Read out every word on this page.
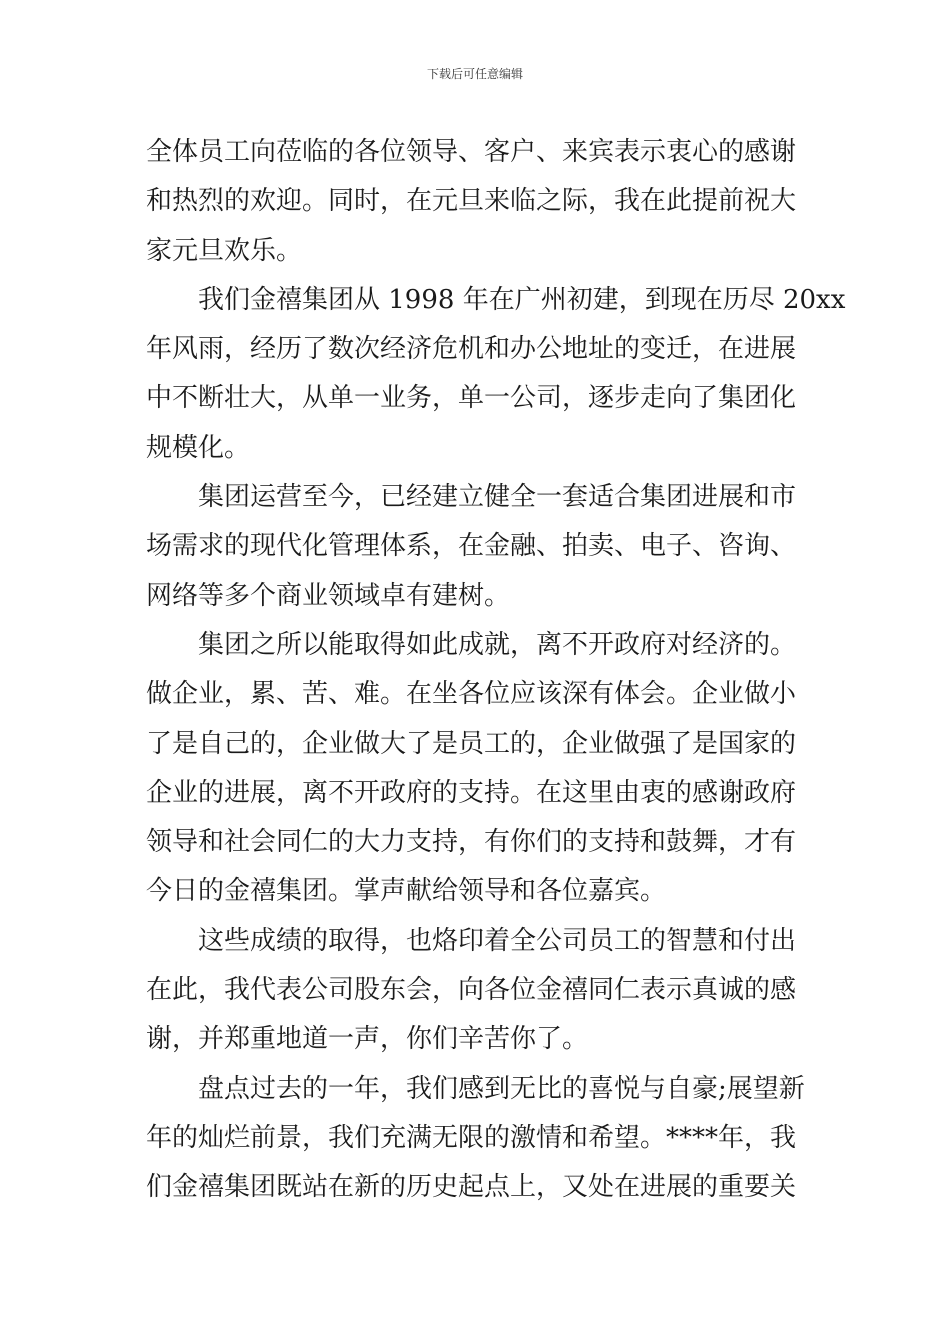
下载后可任意编辑
全体员工向莅临的各位领导、客户、来宾表示衷心的感谢
和热烈的欢迎。同时，在元旦来临之际，我在此提前祝大
家元旦欢乐。
我们金禧集团从 1998 年在广州初建，到现在历尽 20xx
年风雨，经历了数次经济危机和办公地址的变迁，在进展
中不断壮大，从单一业务，单一公司，逐步走向了集团化
规模化。
集团运营至今，已经建立健全一套适合集团进展和市
场需求的现代化管理体系，在金融、拍卖、电子、咨询、
网络等多个商业领域卓有建树。
集团之所以能取得如此成就，离不开政府对经济的。
做企业，累、苦、难。在坐各位应该深有体会。企业做小
了是自己的，企业做大了是员工的，企业做强了是国家的
企业的进展，离不开政府的支持。在这里由衷的感谢政府
领导和社会同仁的大力支持，有你们的支持和鼓舞，才有
今日的金禧集团。掌声献给领导和各位嘉宾。
这些成绩的取得，也烙印着全公司员工的智慧和付出
在此，我代表公司股东会，向各位金禧同仁表示真诚的感
谢，并郑重地道一声，你们辛苦你了。
盘点过去的一年，我们感到无比的喜悦与自豪;展望新
年的灿烂前景，我们充满无限的激情和希望。****年，我
们金禧集团既站在新的历史起点上，又处在进展的重要关
